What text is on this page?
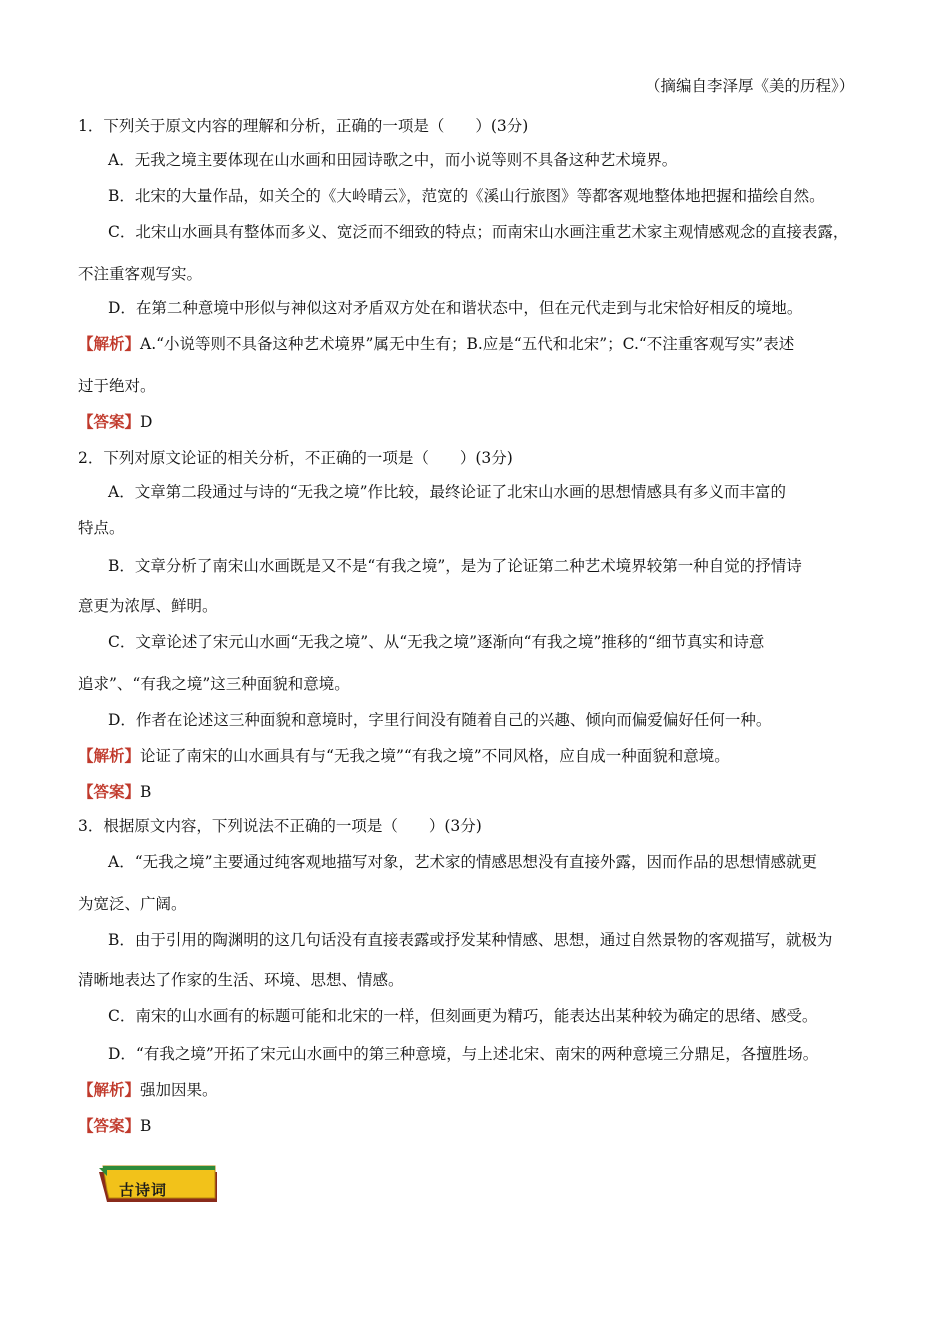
（摘编自李泽厚《美的历程》）
1．下列关于原文内容的理解和分析，正确的一项是（　　）(3分)
A．无我之境主要体现在山水画和田园诗歌之中，而小说等则不具备这种艺术境界。
B．北宋的大量作品，如关仝的《大岭晴云》，范宽的《溪山行旅图》等都客观地整体地把握和描绘自然。
C．北宋山水画具有整体而多义、宽泛而不细致的特点；而南宋山水画注重艺术家主观情感观念的直接表露，
不注重客观写实。
D．在第二种意境中形似与神似这对矛盾双方处在和谐状态中，但在元代走到与北宋恰好相反的境地。
【解析】A.“小说等则不具备这种艺术境界”属无中生有；B.应是“五代和北宋”；C.“不注重客观写实”表述
过于绝对。
【答案】D
2．下列对原文论证的相关分析，不正确的一项是（　　）(3分)
A．文章第二段通过与诗的“无我之境”作比较，最终论证了北宋山水画的思想情感具有多义而丰富的
特点。
B．文章分析了南宋山水画既是又不是“有我之境”，是为了论证第二种艺术境界较第一种自觉的抒情诗
意更为浓厚、鲜明。
C．文章论述了宋元山水画“无我之境”、从“无我之境”逐渐向“有我之境”推移的“细节真实和诗意
追求”、“有我之境”这三种面貌和意境。
D．作者在论述这三种面貌和意境时，字里行间没有随着自己的兴趣、倾向而偏爱偏好任何一种。
【解析】论证了南宋的山水画具有与“无我之境”“有我之境”不同风格，应自成一种面貌和意境。
【答案】B
3．根据原文内容，下列说法不正确的一项是（　　）(3分)
A．“无我之境”主要通过纯客观地描写对象，艺术家的情感思想没有直接外露，因而作品的思想情感就更
为宽泛、广阔。
B．由于引用的陶渊明的这几句话没有直接表露或抒发某种情感、思想，通过自然景物的客观描写，就极为
清晰地表达了作家的生活、环境、思想、情感。
C．南宋的山水画有的标题可能和北宋的一样，但刻画更为精巧，能表达出某种较为确定的思绪、感受。
D．“有我之境”开拓了宋元山水画中的第三种意境，与上述北宋、南宋的两种意境三分鼎足，各擅胜场。
【解析】强加因果。
【答案】B
古诗词
